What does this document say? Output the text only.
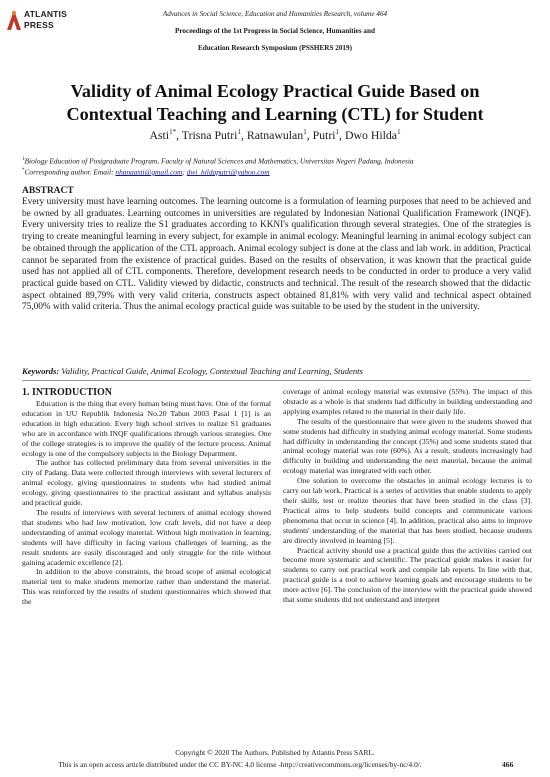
ATLANTIS
PRESS
Advances in Social Science, Education and Humanities Research, volume 464
Proceedings of the 1st Progress in Social Science, Humanities and
Education Research Symposium (PSSHERS 2019)
Validity of Animal Ecology Practical Guide Based on Contextual Teaching and Learning (CTL) for Student
Asti$^{1*}$, Trisna Putri$^1$, Ratnawulan$^1$, Putri$^1$, Dwo Hilda$^1$
$^1$Biology Education of Postgraduate Program, Faculty of Natural Sciences and Mathematics, Universitas Negeri Padang, Indonesia
*Corresponding author. Email: nhanaasti@gmail.com; dwi_hildaputri@yahoo.com
ABSTRACT
Every university must have learning outcomes. The learning outcome is a formulation of learning purposes that need to be achieved and be owned by all graduates. Learning outcomes in universities are regulated by Indonesian National Qualification Framework (INQF). Every university tries to realize the S1 graduates according to KKNI's qualification through several strategies. One of the strategies is trying to create meaningful learning in every subject, for example in animal ecology. Meaningful learning in animal ecology subject can be obtained through the application of the CTL approach. Animal ecology subject is done at the class and lab work. in addition, Practical cannot be separated from the existence of practical guides. Based on the results of observation, it was known that the practical guide used has not applied all of CTL components. Therefore, development research needs to be conducted in order to produce a very valid practical guide based on CTL. Validity viewed by didactic, constructs and technical. The result of the research showed that the didactic aspect obtained 89,79% with very valid criteria, constructs aspect obtained 81,81% with very valid and technical aspect obtained 75,00% with valid criteria. Thus the animal ecology practical guide was suitable to be used by the student in the university.
Keywords: Validity, Practical Guide, Animal Ecology, Contextual Teaching and Learning, Students
1. INTRODUCTION

Education is the thing that every human being must have. One of the formal education in UU Republik Indonesia No.20 Tahun 2003 Pasal 1 [1] is an education in high education. Every high school strives to realize S1 graduates who are in accordance with INQF qualifications through various strategies. One of the college strategies is to improve the quality of the lecture process. Animal ecology is one of the compulsory subjects in the Biology Department.

The author has collected preliminary data from several universities in the city of Padang. Data were collected through interviews with several lecturers of animal ecology, giving questionnaires to students who had studied animal ecology, giving questionnaires to the practical assistant and syllabus analysis and practical guide.

The results of interviews with several lecturers of animal ecology showed that students who had low motivation, low craft levels, did not have a deep understanding of animal ecology material. Without high motivation in learning, students will have difficulty in facing various challenges of learning, as the result students are easily discouraged and only struggle for the title without gaining academic excellence [2].

In addition to the above constraints, the broad scope of animal ecological material tent to make students memorize rather than understand the material. This was reinforced by the results of student questionnaires which showed that the

coverage of animal ecology material was extensive (55%). The impact of this obstacle as a whole is that students had difficulty in building understanding and applying examples related to the material in their daily life.

The results of the questionnaire that were given to the students showed that some students had difficulty in studying animal ecology material. Some students had difficulty in understanding the concept (35%) and some students stated that animal ecology material was rote (60%). As a result, students increasingly had difficulty in building and understanding the next material, because the animal ecology material was integrated with each other.

One solution to overcome the obstacles in animal ecology lectures is to carry out lab work. Practical is a series of activities that enable students to apply their skills, test or realize theories that have been studied in the class [3]. Practical aims to help students build concepts and communicate various phenomena that occur in science [4]. In addition, practical also aims to improve students' understanding of the material that has been studied, because students are directly involved in learning [5].

Practical activity should use a practical guide thus the activities carried out become more systematic and scientific. The practical guide makes it easier for students to carry out practical work and compile lab reports. In line with that, practical guide is a tool to achieve learning goals and encourage students to be more active [6]. The conclusion of the interview with the practical guide showed that some students did not understand and interpret

Copyright © 2020 The Authors. Published by Atlantis Press SARL.
This is an open access article distributed under the CC BY-NC 4.0 license -http://creativecommons.org/licenses/by-nc/4.0/.	466
